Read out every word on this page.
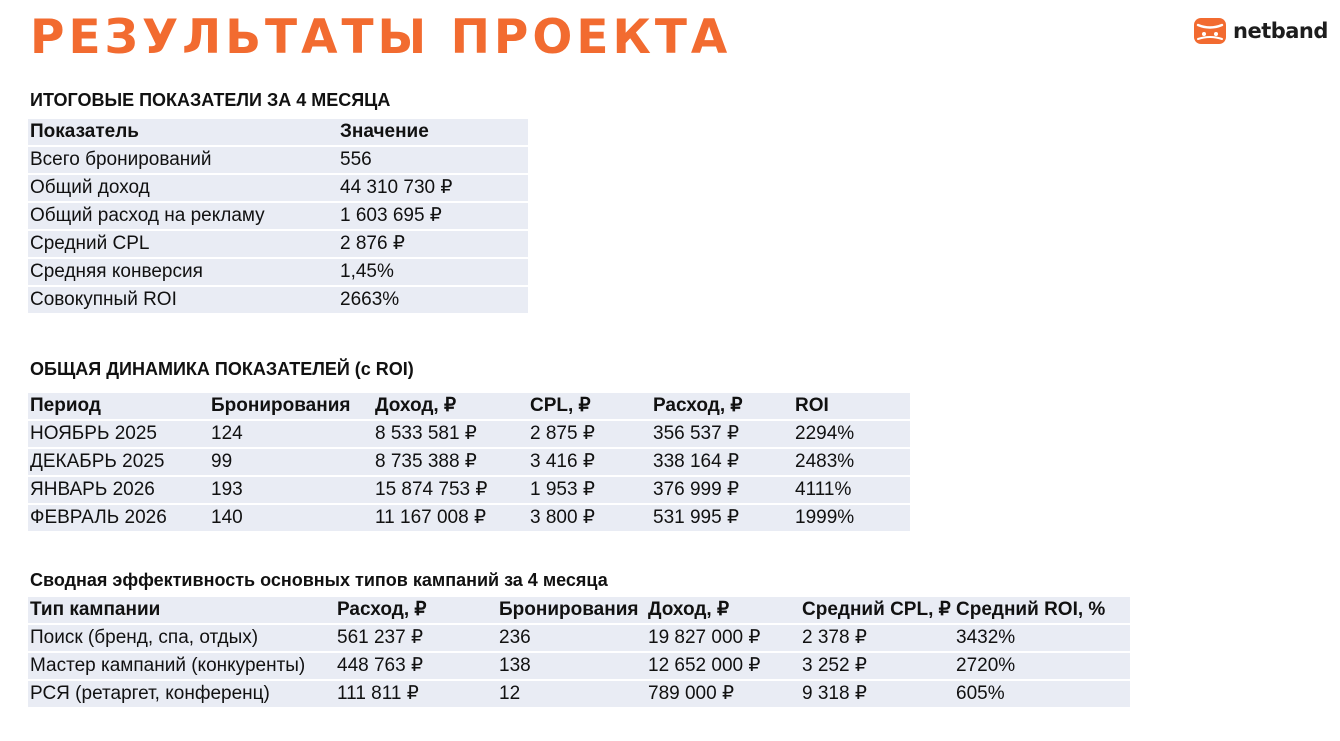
РЕЗУЛЬТАТЫ ПРОЕКТА	netband
ИТОГОВЫЕ ПОКАЗАТЕЛИ ЗА 4 МЕСЯЦА
Показатель	Значение
Всего бронирований	556
Общий доход	44 310 730 ₽
Общий расход на рекламу	1 603 695 ₽
Средний CPL	2 876 ₽
Средняя конверсия	1,45%
Совокупный ROI	2663%
ОБЩАЯ ДИНАМИКА ПОКАЗАТЕЛЕЙ (с ROI)
Период	Бронирования	Доход, ₽	CPL, ₽	Расход, ₽	ROI
НОЯБРЬ 2025	124	8 533 581 ₽	2 875 ₽	356 537 ₽	2294%
ДЕКАБРЬ 2025	99	8 735 388 ₽	3 416 ₽	338 164 ₽	2483%
ЯНВАРЬ 2026	193	15 874 753 ₽	1 953 ₽	376 999 ₽	4111%
ФЕВРАЛЬ 2026	140	11 167 008 ₽	3 800 ₽	531 995 ₽	1999%
Сводная эффективность основных типов кампаний за 4 месяца
Тип кампании	Расход, ₽	Бронирования	Доход, ₽	Средний CPL, ₽	Средний ROI, %
Поиск (бренд, спа, отдых)	561 237 ₽	236	19 827 000 ₽	2 378 ₽	3432%
Мастер кампаний (конкуренты)	448 763 ₽	138	12 652 000 ₽	3 252 ₽	2720%
РСЯ (ретаргет, конференц)	111 811 ₽	12	789 000 ₽	9 318 ₽	605%
